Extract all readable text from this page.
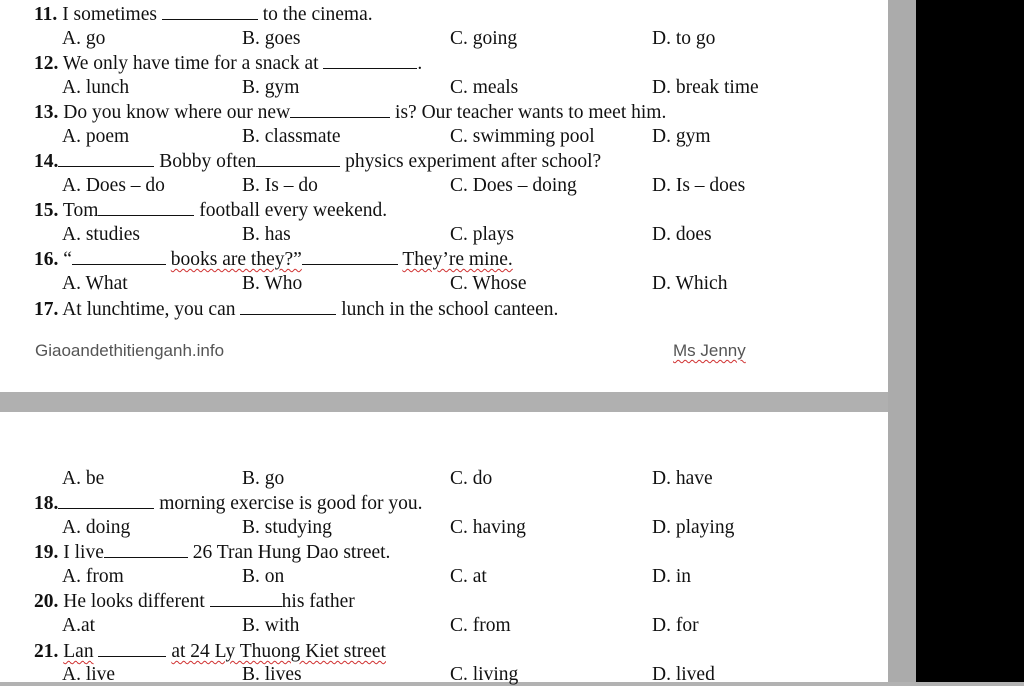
11. I sometimes	to the cinema.
A. go	B. goes	C. going	D. to go
12. We only have time for a snack at	.
A. lunch	B. gym	C. meals	D. break time
13. Do you know where our new	is? Our teacher wants to meet him.
A. poem	B. classmate	C. swimming pool	D. gym
14.	Bobby often	physics experiment after school?
A. Does – do	B. Is – do	C. Does – doing	D. Is – does
15. Tom	football every weekend.
A. studies	B. has	C. plays	D. does
16. “	books are they?”	They’re mine.
A. What	B. Who	C. Whose	D. Which
17. At lunchtime, you can	lunch in the school canteen.
Giaoandethitienganh.info	Ms Jenny
A. be	B. go	C. do	D. have
18.	morning exercise is good for you.
A. doing	B. studying	C. having	D. playing
19. I live	26 Tran Hung Dao street.
A. from	B. on	C. at	D. in
20. He looks different	his father
A.at	B. with	C. from	D. for
21. Lan	at 24 Ly Thuong Kiet street
A. live	B. lives	C. living	D. lived
